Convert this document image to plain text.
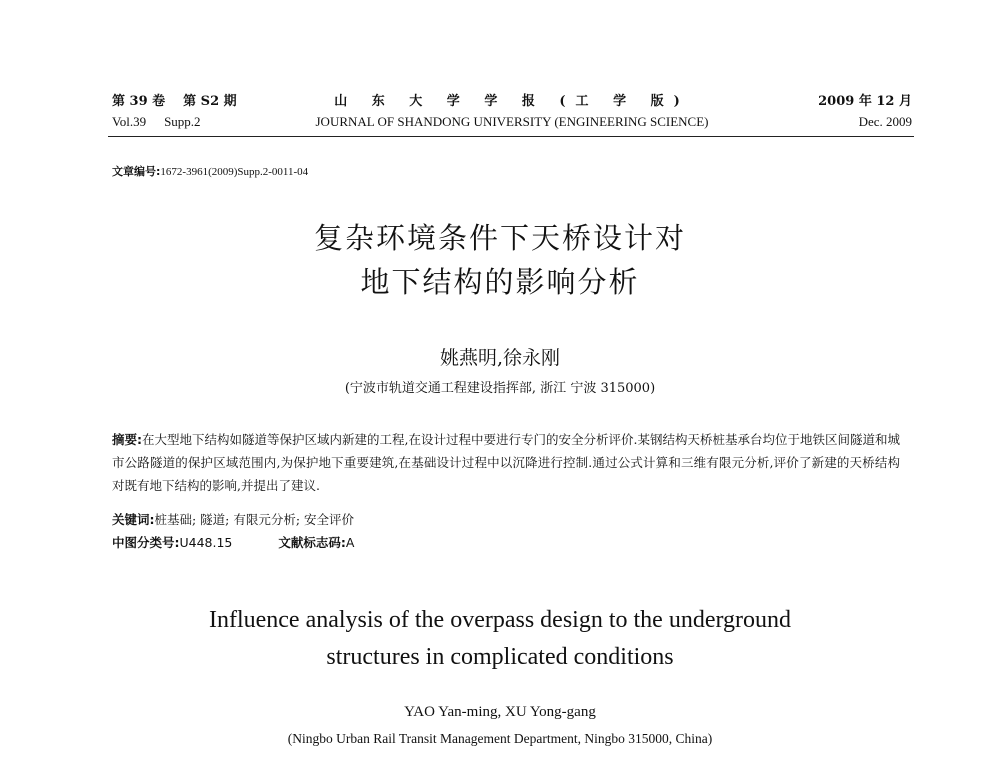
第 39 卷 第 S2 期
Vol.39 Supp.2
山 东 大 学 学 报 (工 学 版)
JOURNAL OF SHANDONG UNIVERSITY (ENGINEERING SCIENCE)
2009 年 12 月
Dec. 2009
文章编号:1672-3961(2009)Supp.2-0011-04
复杂环境条件下天桥设计对
地下结构的影响分析
姚燕明,徐永刚
(宁波市轨道交通工程建设指挥部, 浙江 宁波 315000)
摘要:在大型地下结构如隧道等保护区域内新建的工程,在设计过程中要进行专门的安全分析评价.某钢结构天桥桩基承台均位于地铁区间隧道和城市公路隧道的保护区域范围内,为保护地下重要建筑,在基础设计过程中以沉降进行控制.通过公式计算和三维有限元分析,评价了新建的天桥结构对既有地下结构的影响,并提出了建议.
关键词:桩基础; 隧道; 有限元分析; 安全评价
中图分类号:U448.15	文献标志码:A
Influence analysis of the overpass design to the underground
structures in complicated conditions
YAO Yan-ming, XU Yong-gang
(Ningbo Urban Rail Transit Management Department, Ningbo 315000, China)
